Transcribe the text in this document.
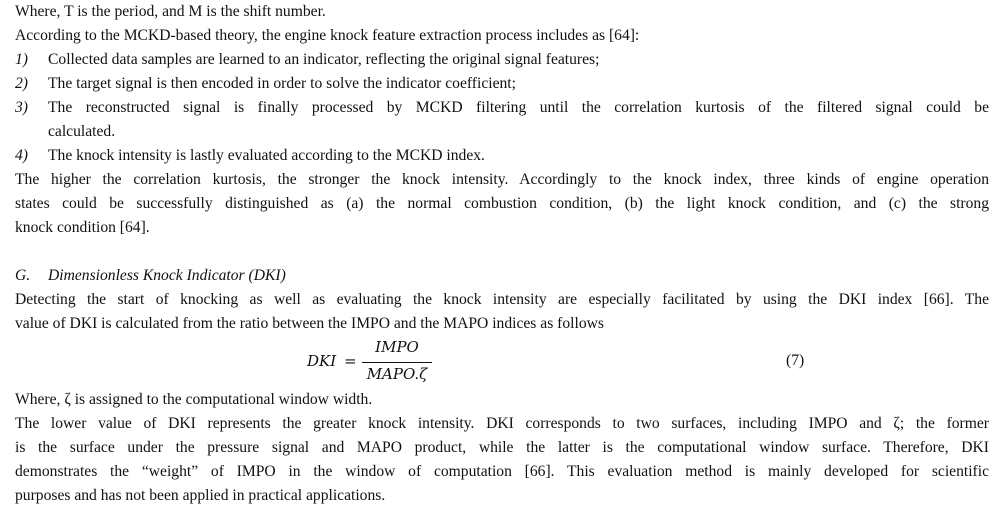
Where, T is the period, and M is the shift number.
According to the MCKD-based theory, the engine knock feature extraction process includes as [64]:
1) Collected data samples are learned to an indicator, reflecting the original signal features;
2) The target signal is then encoded in order to solve the indicator coefficient;
3) The reconstructed signal is finally processed by MCKD filtering until the correlation kurtosis of the filtered signal could be
calculated.
4) The knock intensity is lastly evaluated according to the MCKD index.
The higher the correlation kurtosis, the stronger the knock intensity. Accordingly to the knock index, three kinds of engine operation
states could be successfully distinguished as (a) the normal combustion condition, (b) the light knock condition, and (c) the strong
knock condition [64].
G. Dimensionless Knock Indicator (DKI)
Detecting the start of knocking as well as evaluating the knock intensity are especially facilitated by using the DKI index [66]. The
value of DKI is calculated from the ratio between the IMPO and the MAPO indices as follows
DKI =
IMPO
MAPO.ζ
(7)
Where, ζ is assigned to the computational window width.
The lower value of DKI represents the greater knock intensity. DKI corresponds to two surfaces, including IMPO and ζ; the former
is the surface under the pressure signal and MAPO product, while the latter is the computational window surface. Therefore, DKI
demonstrates the “weight” of IMPO in the window of computation [66]. This evaluation method is mainly developed for scientific
purposes and has not been applied in practical applications.
